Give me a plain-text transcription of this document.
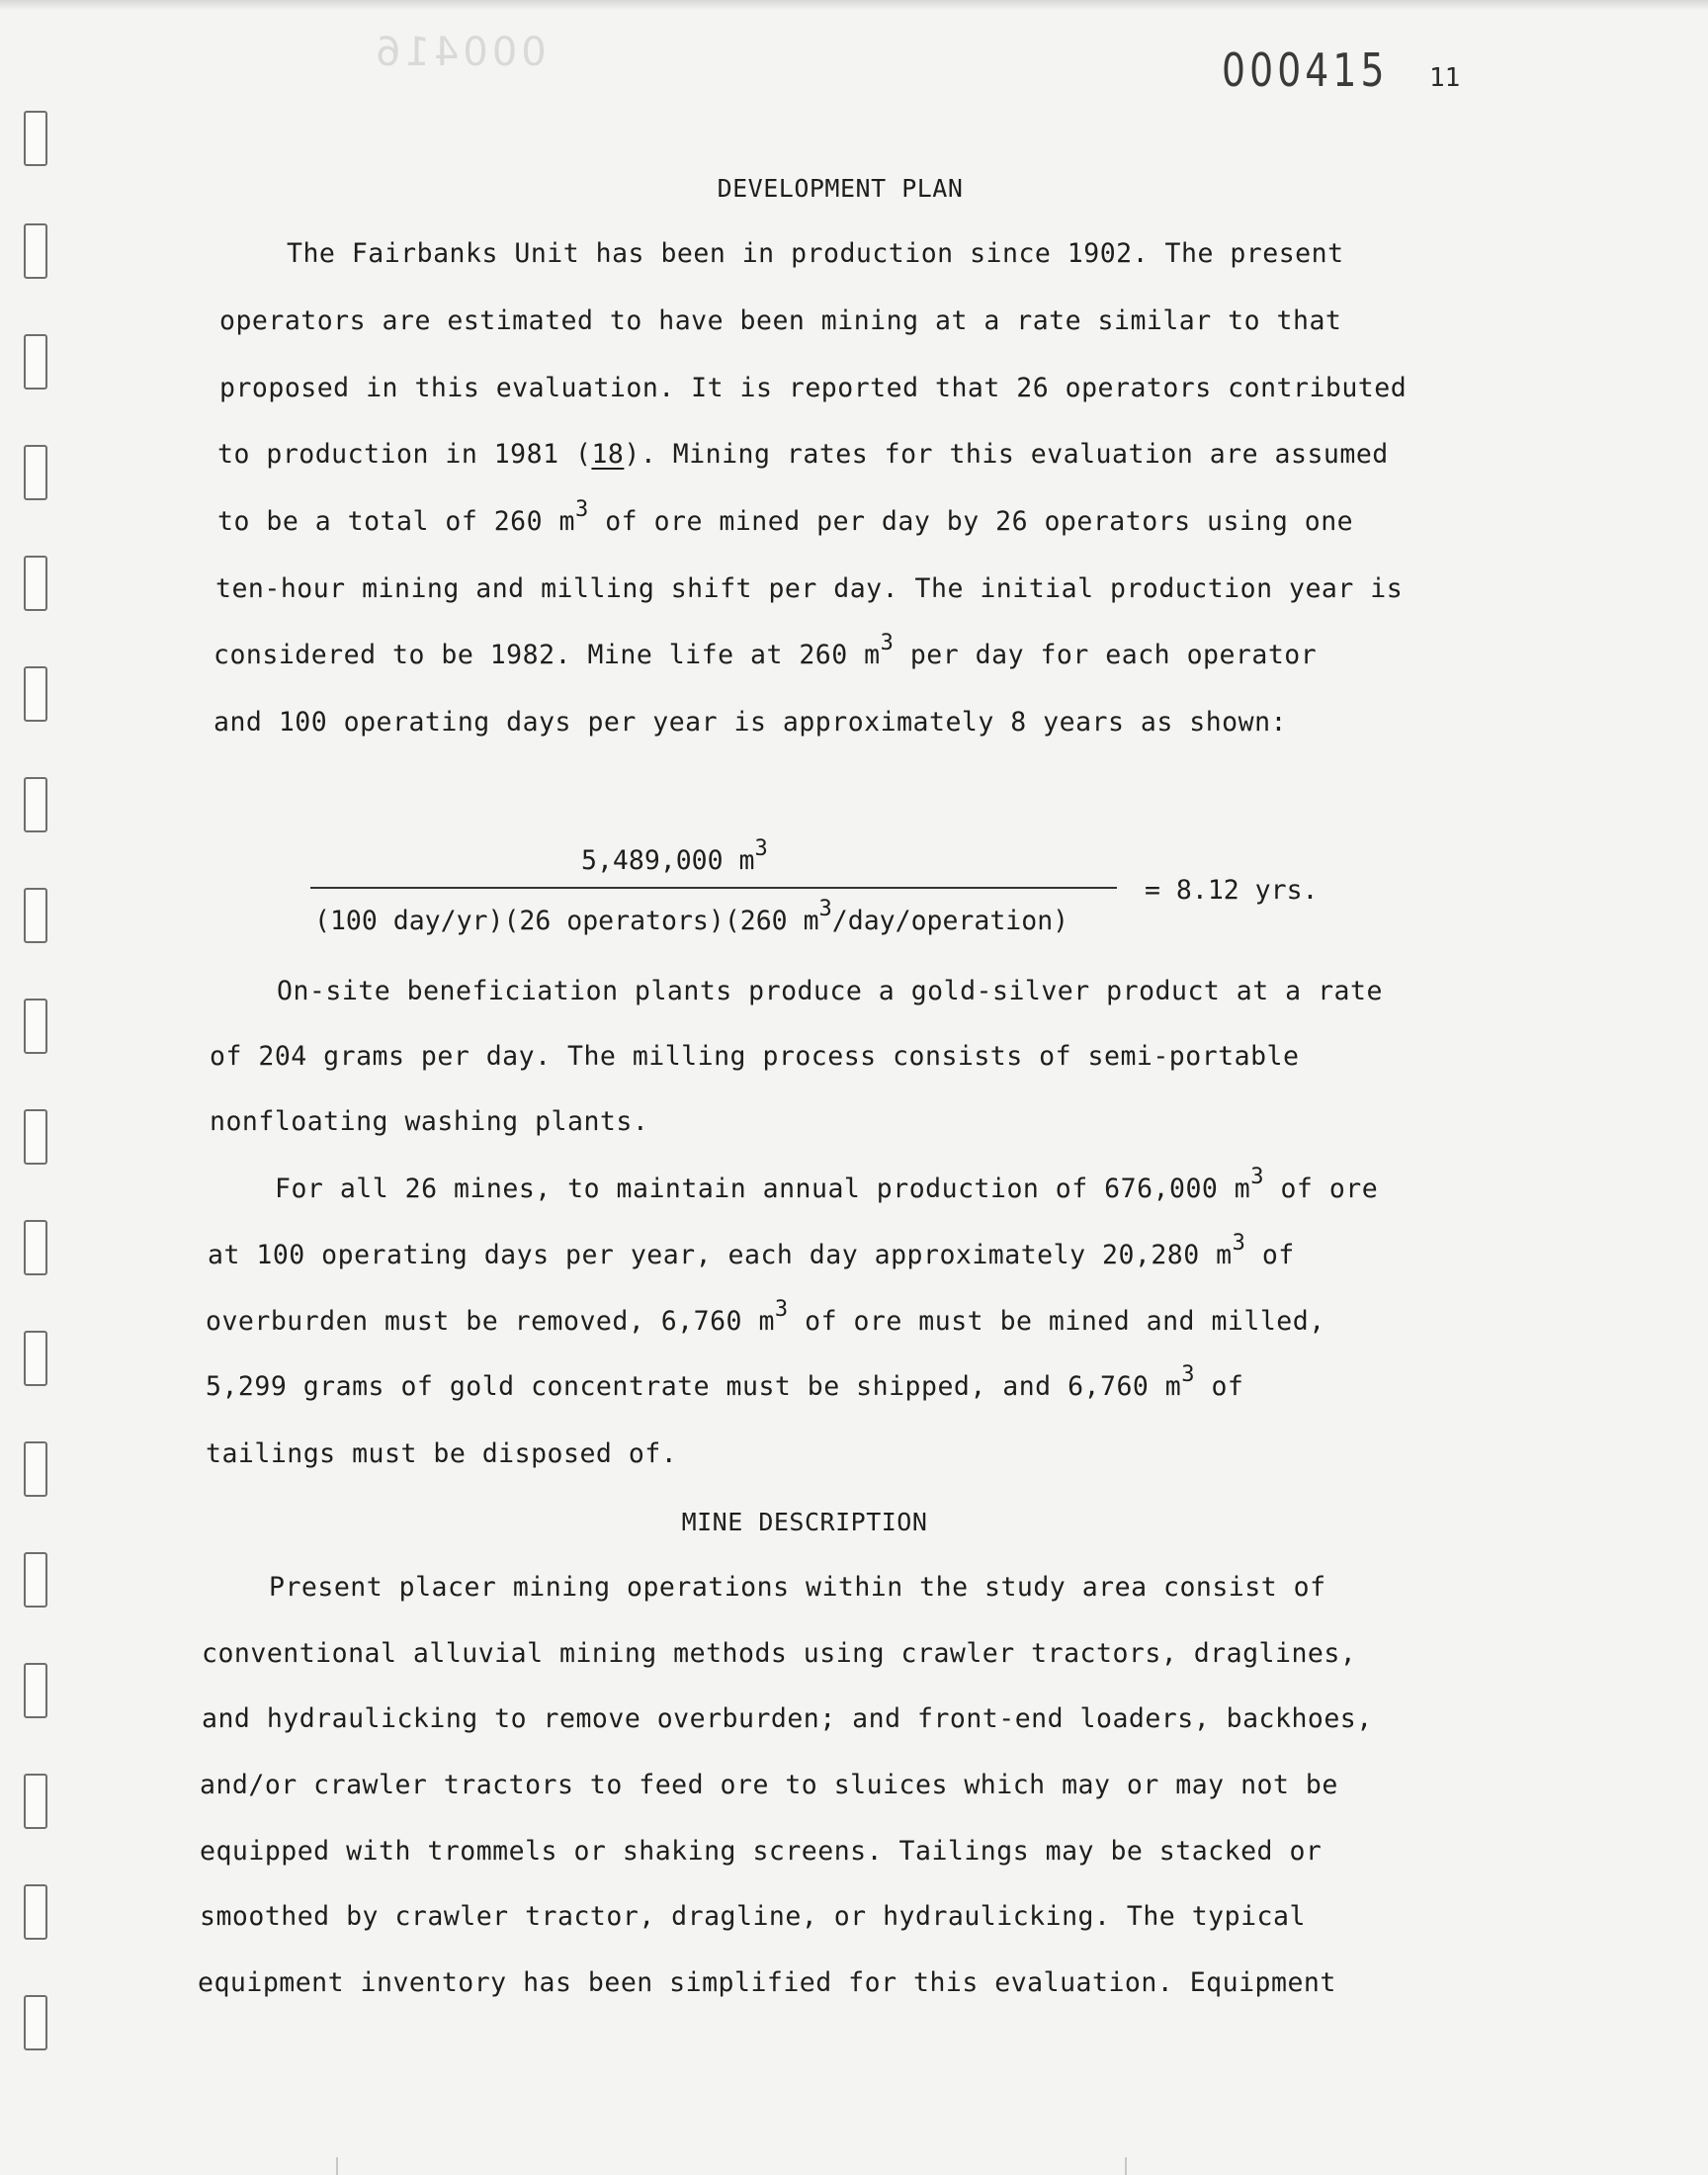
000416	000415 11
DEVELOPMENT PLAN
The Fairbanks Unit has been in production since 1902. The present
operators are estimated to have been mining at a rate similar to that
proposed in this evaluation. It is reported that 26 operators contributed
to production in 1981 (18). Mining rates for this evaluation are assumed
to be a total of 260 $m^3$ of ore mined per day by 26 operators using one
ten-hour mining and milling shift per day. The initial production year is
considered to be 1982. Mine life at 260 $m^3$ per day for each operator
and 100 operating days per year is approximately 8 years as shown:
5,489,000 $m^3$
(100 day/yr)(26 operators)(260 $m^3/day/operation$)
= 8.12 yrs.
On-site beneficiation plants produce a gold-silver product at a rate
of 204 grams per day. The milling process consists of semi-portable
nonfloating washing plants.
For all 26 mines, to maintain annual production of 676,000 $m^3$ of ore
at 100 operating days per year, each day approximately 20,280 $m^3$ of
overburden must be removed, 6,760 $m^3$ of ore must be mined and milled,
5,299 grams of gold concentrate must be shipped, and 6,760 $m^3$ of
tailings must be disposed of.
MINE DESCRIPTION
Present placer mining operations within the study area consist of
conventional alluvial mining methods using crawler tractors, draglines,
and hydraulicking to remove overburden; and front-end loaders, backhoes,
and/or crawler tractors to feed ore to sluices which may or may not be
equipped with trommels or shaking screens. Tailings may be stacked or
smoothed by crawler tractor, dragline, or hydraulicking. The typical
equipment inventory has been simplified for this evaluation. Equipment
